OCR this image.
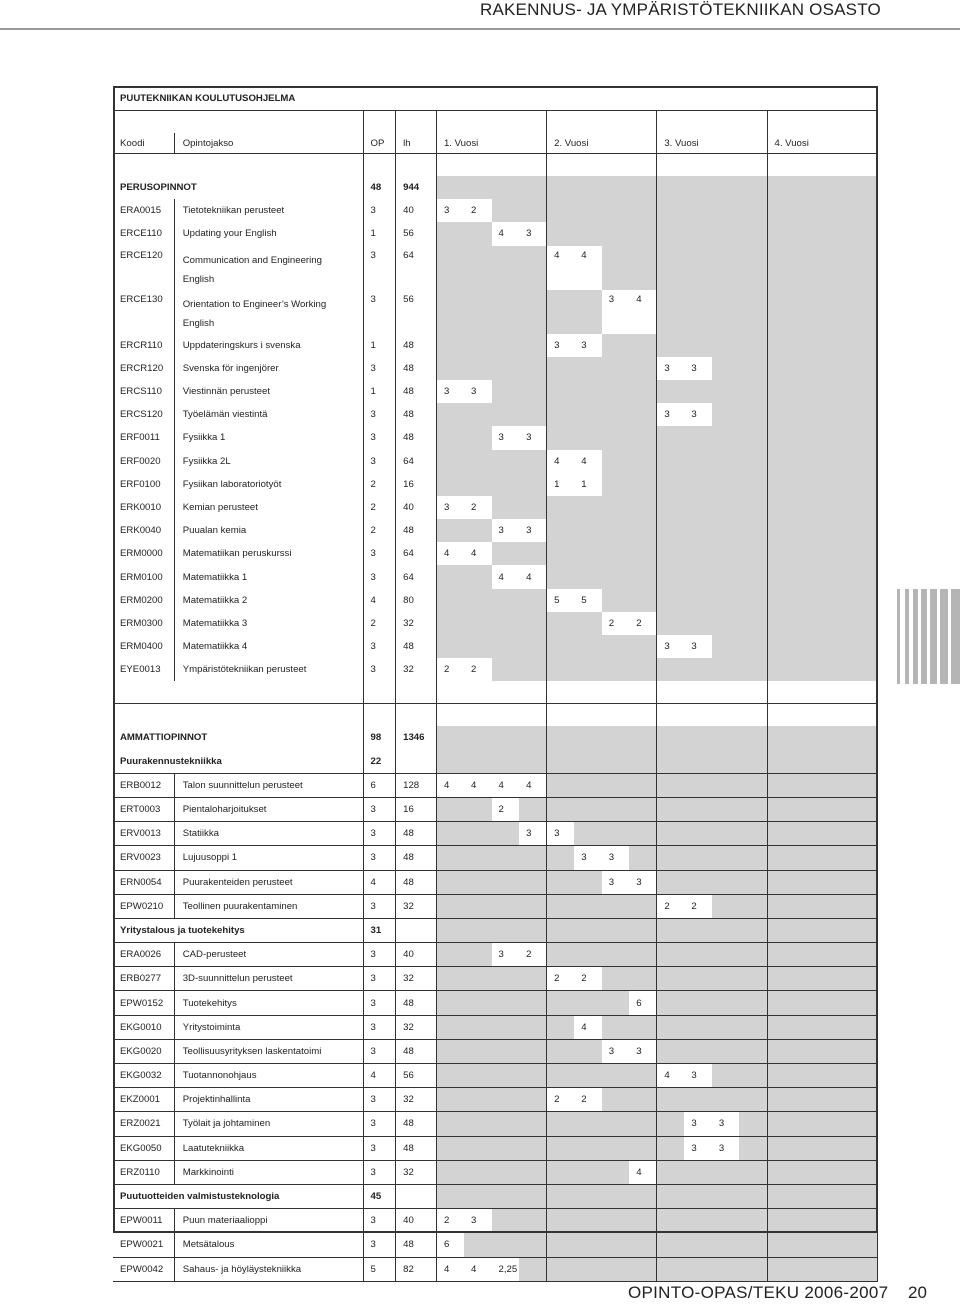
RAKENNUS- JA YMPÄRISTÖTEKNIIKAN OSASTO
PUUTEKNIIKAN KOULUTUSOHJELMA																			

Koodi	Opintojakso	OP	lh	1. Vuosi				2. Vuosi				3. Vuosi				4. Vuosi			

PERUSOPINNOT		48	944																
ERA0015	Tietotekniikan perusteet	3	40	3	2														
ERCE110	Updating your English	1	56			4	3												
ERCE120	Communication and Engineering
English	3	64					4	4										
ERCE130	Orientation to Engineer’s Working
English	3	56							3	4								
ERCR110	Uppdateringskurs i svenska	1	48					3	3										
ERCR120	Svenska för ingenjörer	3	48									3	3						
ERCS110	Viestinnän perusteet	1	48	3	3														
ERCS120	Työelämän viestintä	3	48									3	3						
ERF0011	Fysiikka 1	3	48			3	3												
ERF0020	Fysiikka 2L	3	64					4	4										
ERF0100	Fysiikan laboratoriotyöt	2	16					1	1										
ERK0010	Kemian perusteet	2	40	3	2														
ERK0040	Puualan kemia	2	48			3	3												
ERM0000	Matematiikan peruskurssi	3	64	4	4														
ERM0100	Matematiikka 1	3	64			4	4												
ERM0200	Matematiikka 2	4	80					5	5										
ERM0300	Matematiikka 3	2	32							2	2								
ERM0400	Matematiikka 4	3	48									3	3						
EYE0013	Ympäristötekniikan perusteet	3	32	2	2														

AMMATTIOPINNOT		98	1346																
Puurakennustekniikka		22																	
ERB0012	Talon suunnittelun perusteet	6	128	4	4	4	4												
ERT0003	Pientaloharjoitukset	3	16			2													
ERV0013	Statiikka	3	48				3	3											
ERV0023	Lujuusoppi 1	3	48						3	3									
ERN0054	Puurakenteiden perusteet	4	48							3	3								
EPW0210	Teollinen puurakentaminen	3	32									2	2						
Yritystalous ja tuotekehitys		31																	
ERA0026	CAD-perusteet	3	40			3	2												
ERB0277	3D-suunnittelun perusteet	3	32					2	2										
EPW0152	Tuotekehitys	3	48								6								
EKG0010	Yritystoiminta	3	32						4										
EKG0020	Teollisuusyrityksen laskentatoimi	3	48							3	3								
EKG0032	Tuotannonohjaus	4	56									4	3						
EKZ0001	Projektinhallinta	3	32					2	2										
ERZ0021	Työlait ja johtaminen	3	48										3	3					
EKG0050	Laatutekniikka	3	48										3	3					
ERZ0110	Markkinointi	3	32								4								
Puutuotteiden valmistusteknologia		45																	
EPW0011	Puun materiaalioppi	3	40	2	3														
EPW0021	Metsätalous	3	48	6															
EPW0042	Sahaus- ja höyläystekniikka	5	82	4	4	2,25													
OPINTO-OPAS/TEKU 2006-2007 20
